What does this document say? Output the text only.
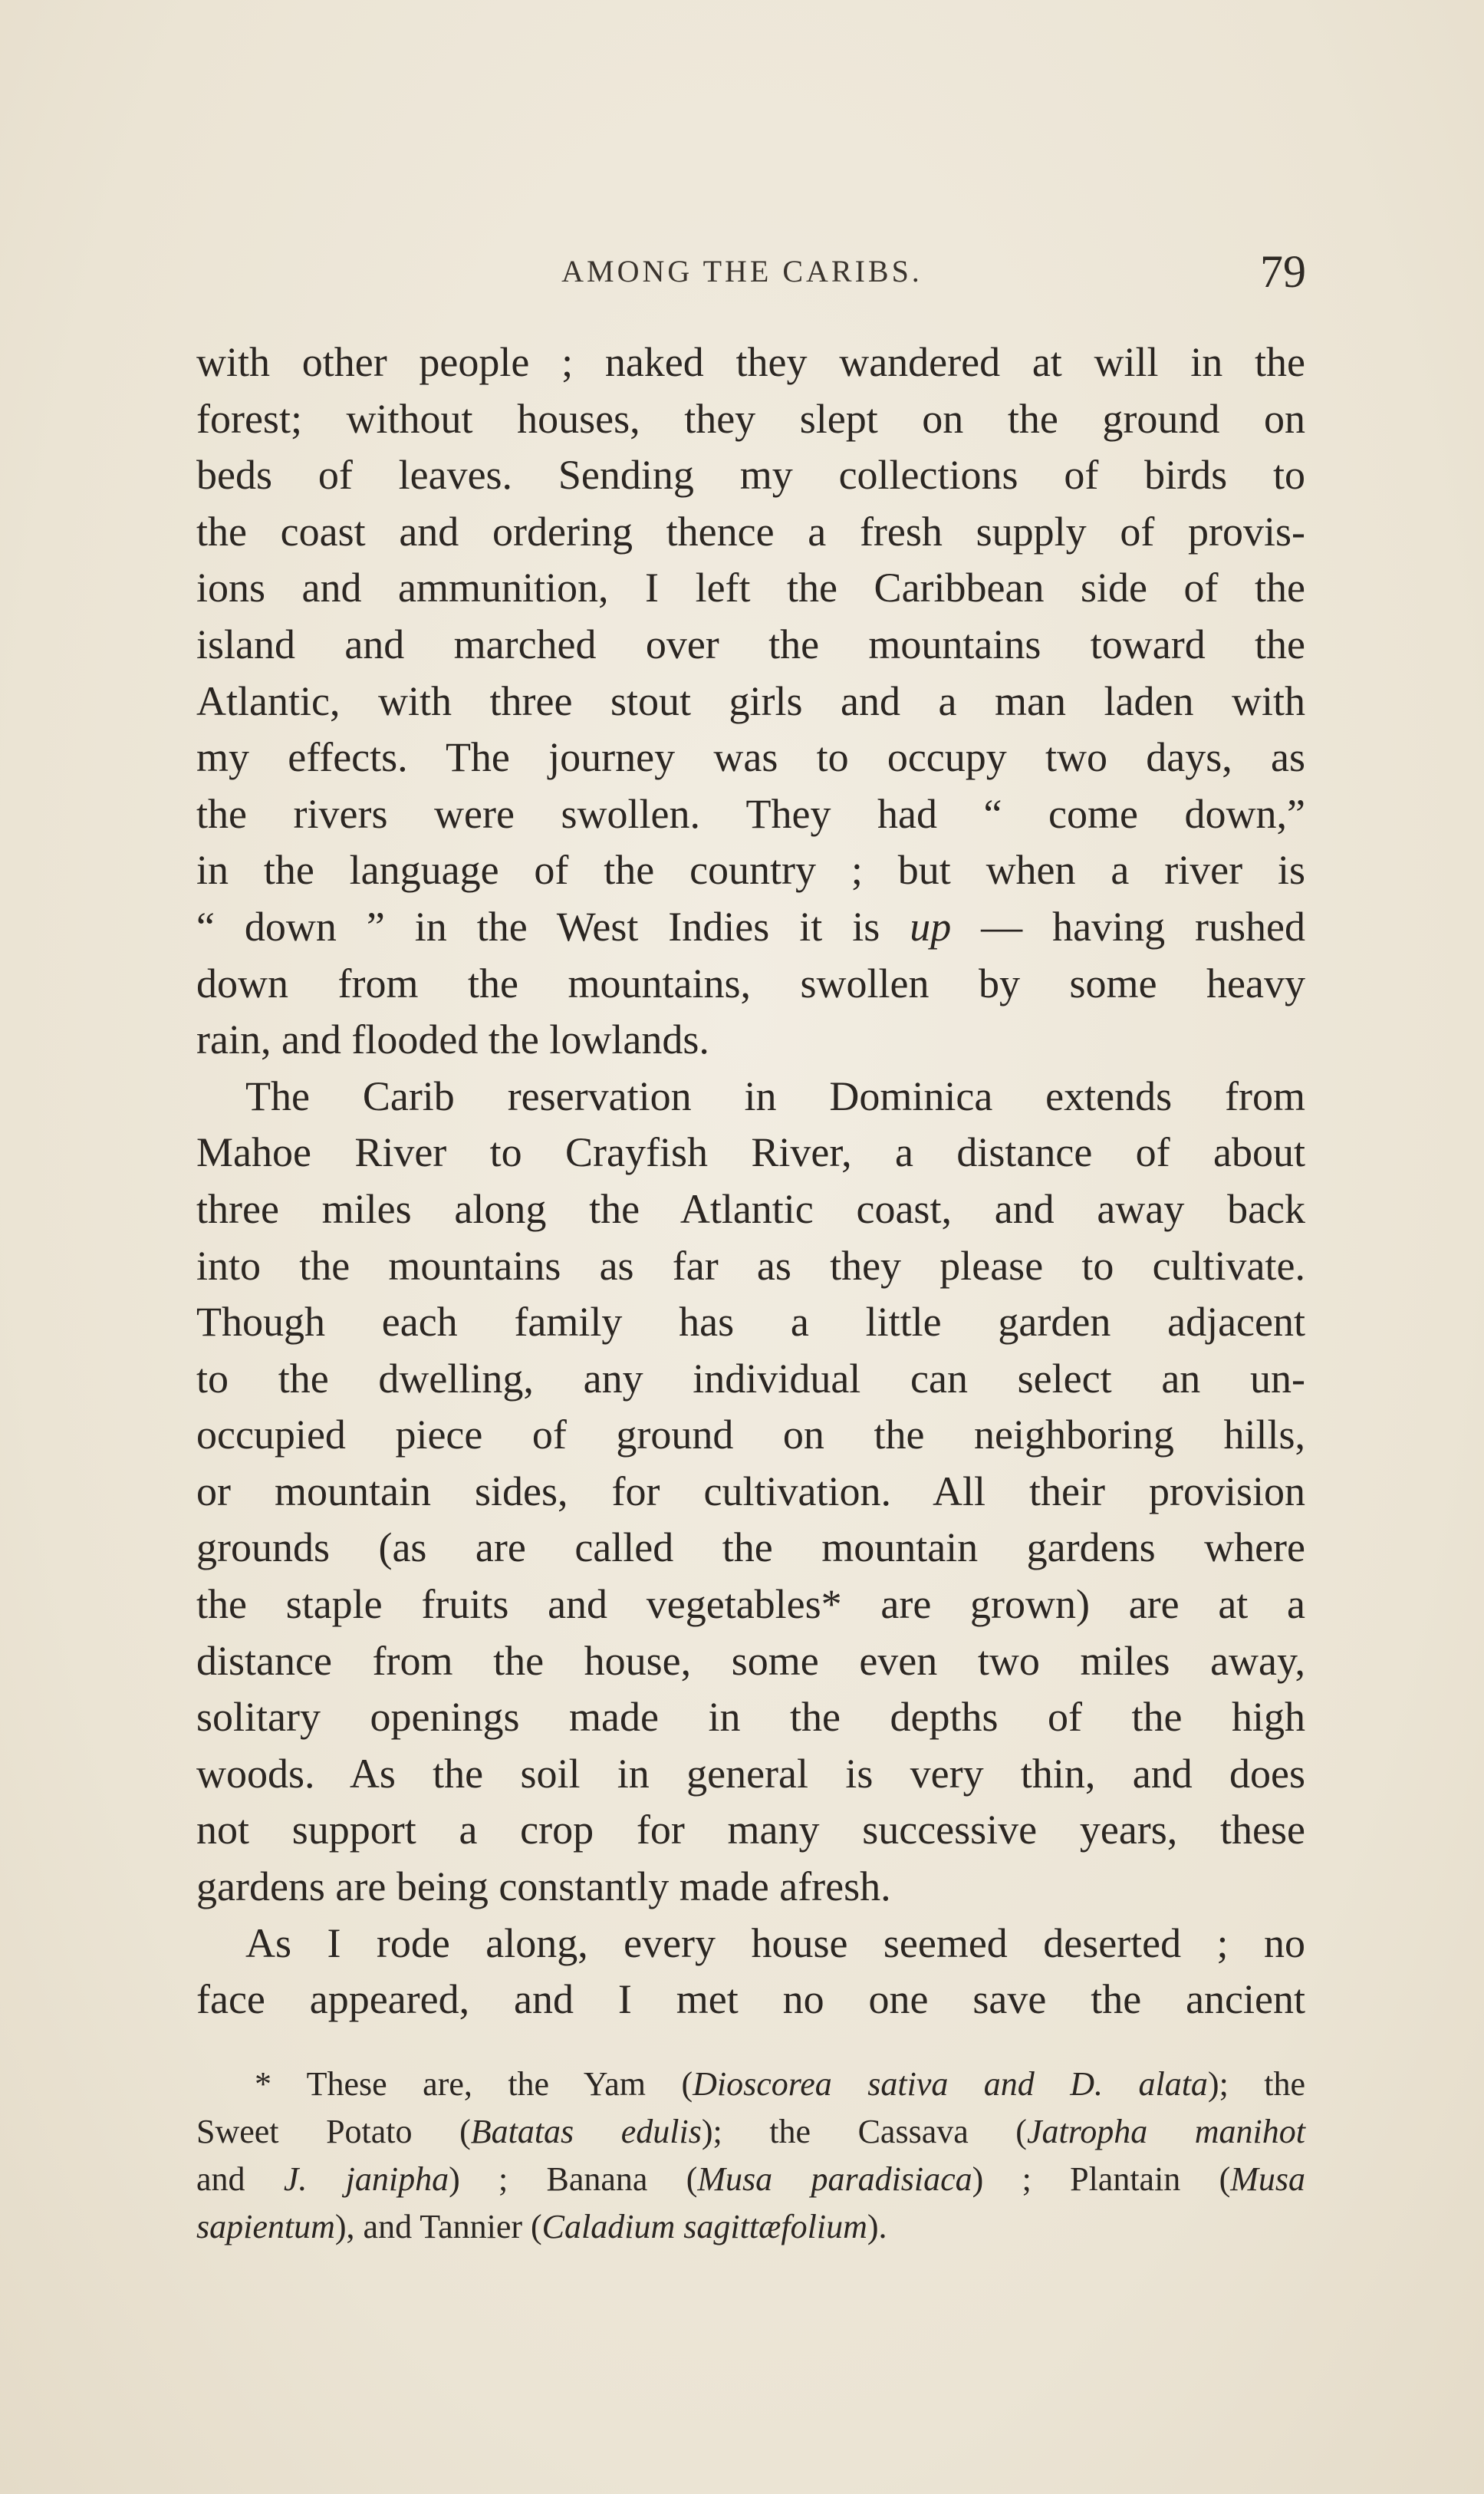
AMONG THE CARIBS.	79
with other people ; naked they wandered at will in the
forest; without houses, they slept on the ground on
beds of leaves. Sending my collections of birds to
the coast and ordering thence a fresh supply of provis-
ions and ammunition, I left the Caribbean side of the
island and marched over the mountains toward the
Atlantic, with three stout girls and a man laden with
my effects. The journey was to occupy two days, as
the rivers were swollen. They had “ come down,”
in the language of the country ; but when a river is
“ down ” in the West Indies it is up — having rushed
down from the mountains, swollen by some heavy
rain, and flooded the lowlands.
The Carib reservation in Dominica extends from
Mahoe River to Crayfish River, a distance of about
three miles along the Atlantic coast, and away back
into the mountains as far as they please to cultivate.
Though each family has a little garden adjacent
to the dwelling, any individual can select an un-
occupied piece of ground on the neighboring hills,
or mountain sides, for cultivation. All their provision
grounds (as are called the mountain gardens where
the staple fruits and vegetables* are grown) are at a
distance from the house, some even two miles away,
solitary openings made in the depths of the high
woods. As the soil in general is very thin, and does
not support a crop for many successive years, these
gardens are being constantly made afresh.
As I rode along, every house seemed deserted ; no
face appeared, and I met no one save the ancient
* These are, the Yam (Dioscorea sativa and D. alata); the
Sweet Potato (Batatas edulis); the Cassava (Jatropha manihot
and J. janipha) ; Banana (Musa paradisiaca) ; Plantain (Musa
sapientum), and Tannier (Caladium sagittæfolium).
